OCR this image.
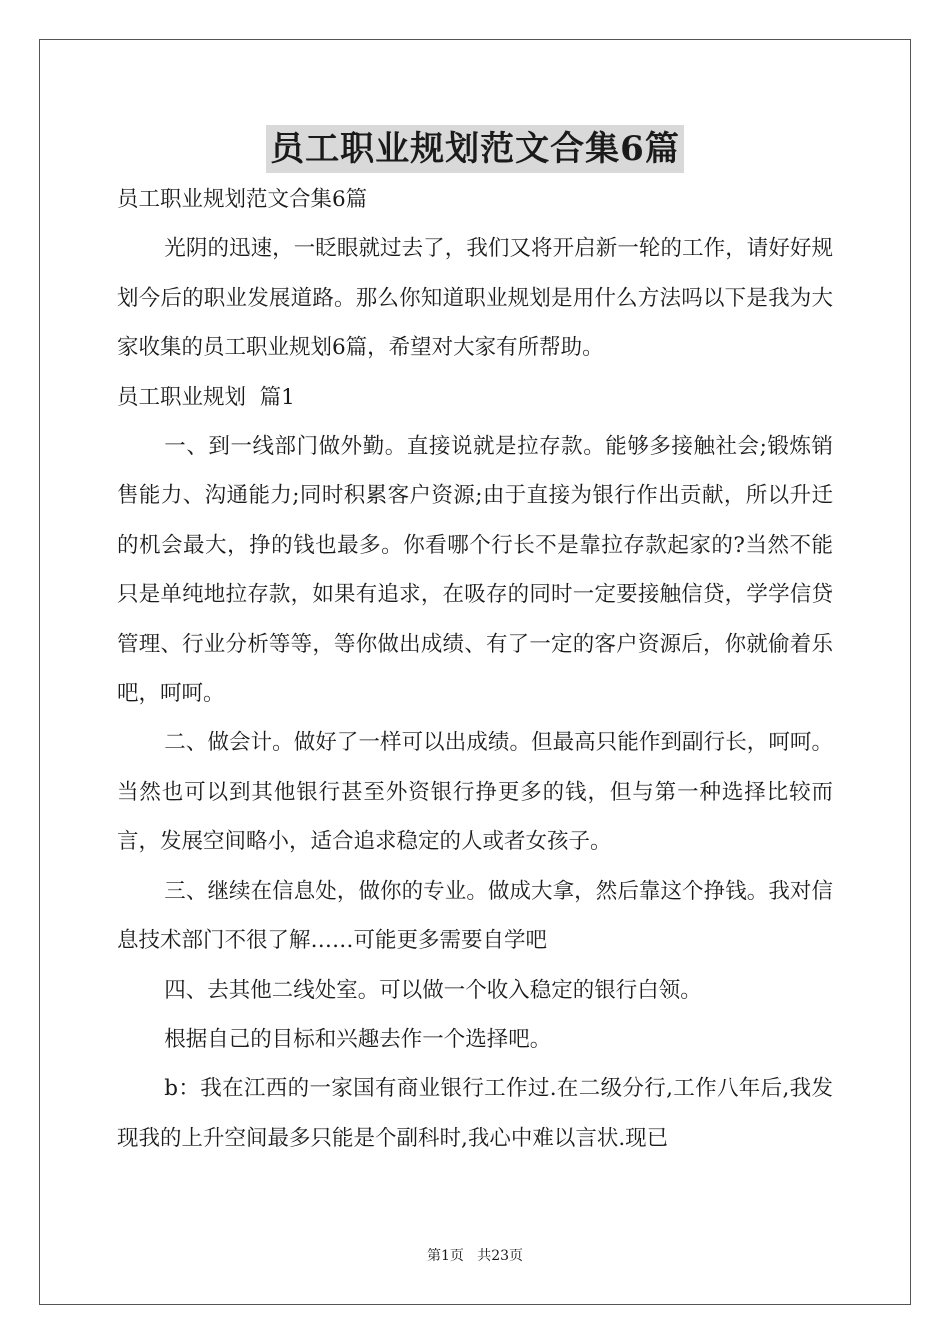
员工职业规划范文合集6篇

员工职业规划范文合集6篇

光阴的迅速，一眨眼就过去了，我们又将开启新一轮的工作，请好好规划今后的职业发展道路。那么你知道职业规划是用什么方法吗以下是我为大家收集的员工职业规划6篇，希望对大家有所帮助。

员工职业规划  篇1

一、到一线部门做外勤。直接说就是拉存款。能够多接触社会;锻炼销售能力、沟通能力;同时积累客户资源;由于直接为银行作出贡献，所以升迁的机会最大，挣的钱也最多。你看哪个行长不是靠拉存款起家的?当然不能只是单纯地拉存款，如果有追求，在吸存的同时一定要接触信贷，学学信贷管理、行业分析等等，等你做出成绩、有了一定的客户资源后，你就偷着乐吧，呵呵。

二、做会计。做好了一样可以出成绩。但最高只能作到副行长，呵呵。当然也可以到其他银行甚至外资银行挣更多的钱，但与第一种选择比较而言，发展空间略小，适合追求稳定的人或者女孩子。

三、继续在信息处，做你的专业。做成大拿，然后靠这个挣钱。我对信息技术部门不很了解……可能更多需要自学吧

四、去其他二线处室。可以做一个收入稳定的银行白领。

根据自己的目标和兴趣去作一个选择吧。

b：我在江西的一家国有商业银行工作过.在二级分行,工作八年后,我发现我的上升空间最多只能是个副科时,我心中难以言状.现已

第1页   共23页
